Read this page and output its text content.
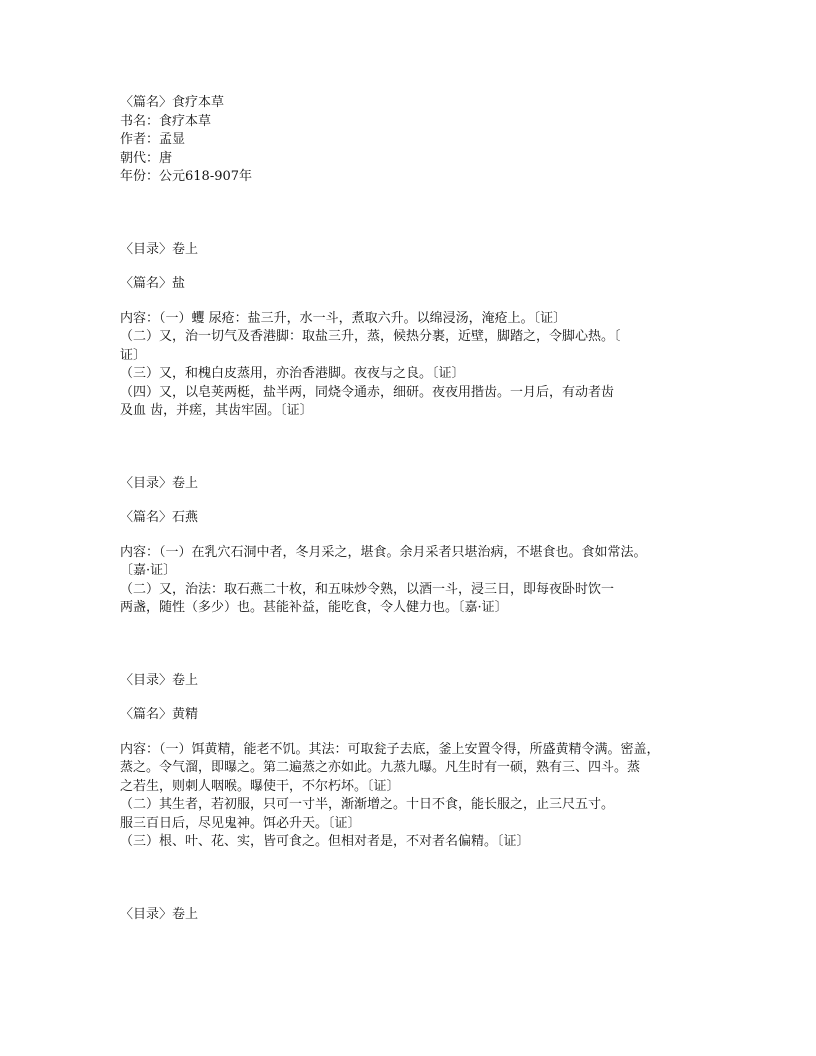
〈篇名〉食疗本草
书名：食疗本草
作者：孟显
朝代：唐
年份：公元618-907年
〈目录〉卷上
〈篇名〉盐
内容：（一）蠼 尿疮：盐三升，水一斗，煮取六升。以绵浸汤，淹疮上。〔证〕
（二）又，治一切气及香港脚：取盐三升，蒸，候热分裹，近壁，脚踏之，令脚心热。〔
证〕
（三）又，和槐白皮蒸用，亦治香港脚。夜夜与之良。〔证〕
（四）又，以皂荚两梃，盐半两，同烧令通赤，细研。夜夜用揩齿。一月后，有动者齿
及血 齿，并瘥，其齿牢固。〔证〕
〈目录〉卷上
〈篇名〉石燕
内容：（一）在乳穴石洞中者，冬月采之，堪食。余月采者只堪治病，不堪食也。食如常法。
〔嘉·证〕
（二）又，治法：取石燕二十枚，和五味炒令熟，以酒一斗，浸三日，即每夜卧时饮一
两盏，随性（多少）也。甚能补益，能吃食，令人健力也。〔嘉·证〕
〈目录〉卷上
〈篇名〉黄精
内容：（一）饵黄精，能老不饥。其法：可取瓮子去底，釜上安置令得，所盛黄精令满。密盖，
蒸之。令气溜，即曝之。第二遍蒸之亦如此。九蒸九曝。凡生时有一硕，熟有三、四斗。蒸
之若生，则刺人咽喉。曝使干，不尔朽坏。〔证〕
（二）其生者，若初服，只可一寸半，渐渐增之。十日不食，能长服之，止三尺五寸。
服三百日后，尽见鬼神。饵必升天。〔证〕
（三）根、叶、花、实，皆可食之。但相对者是，不对者名偏精。〔证〕
〈目录〉卷上
